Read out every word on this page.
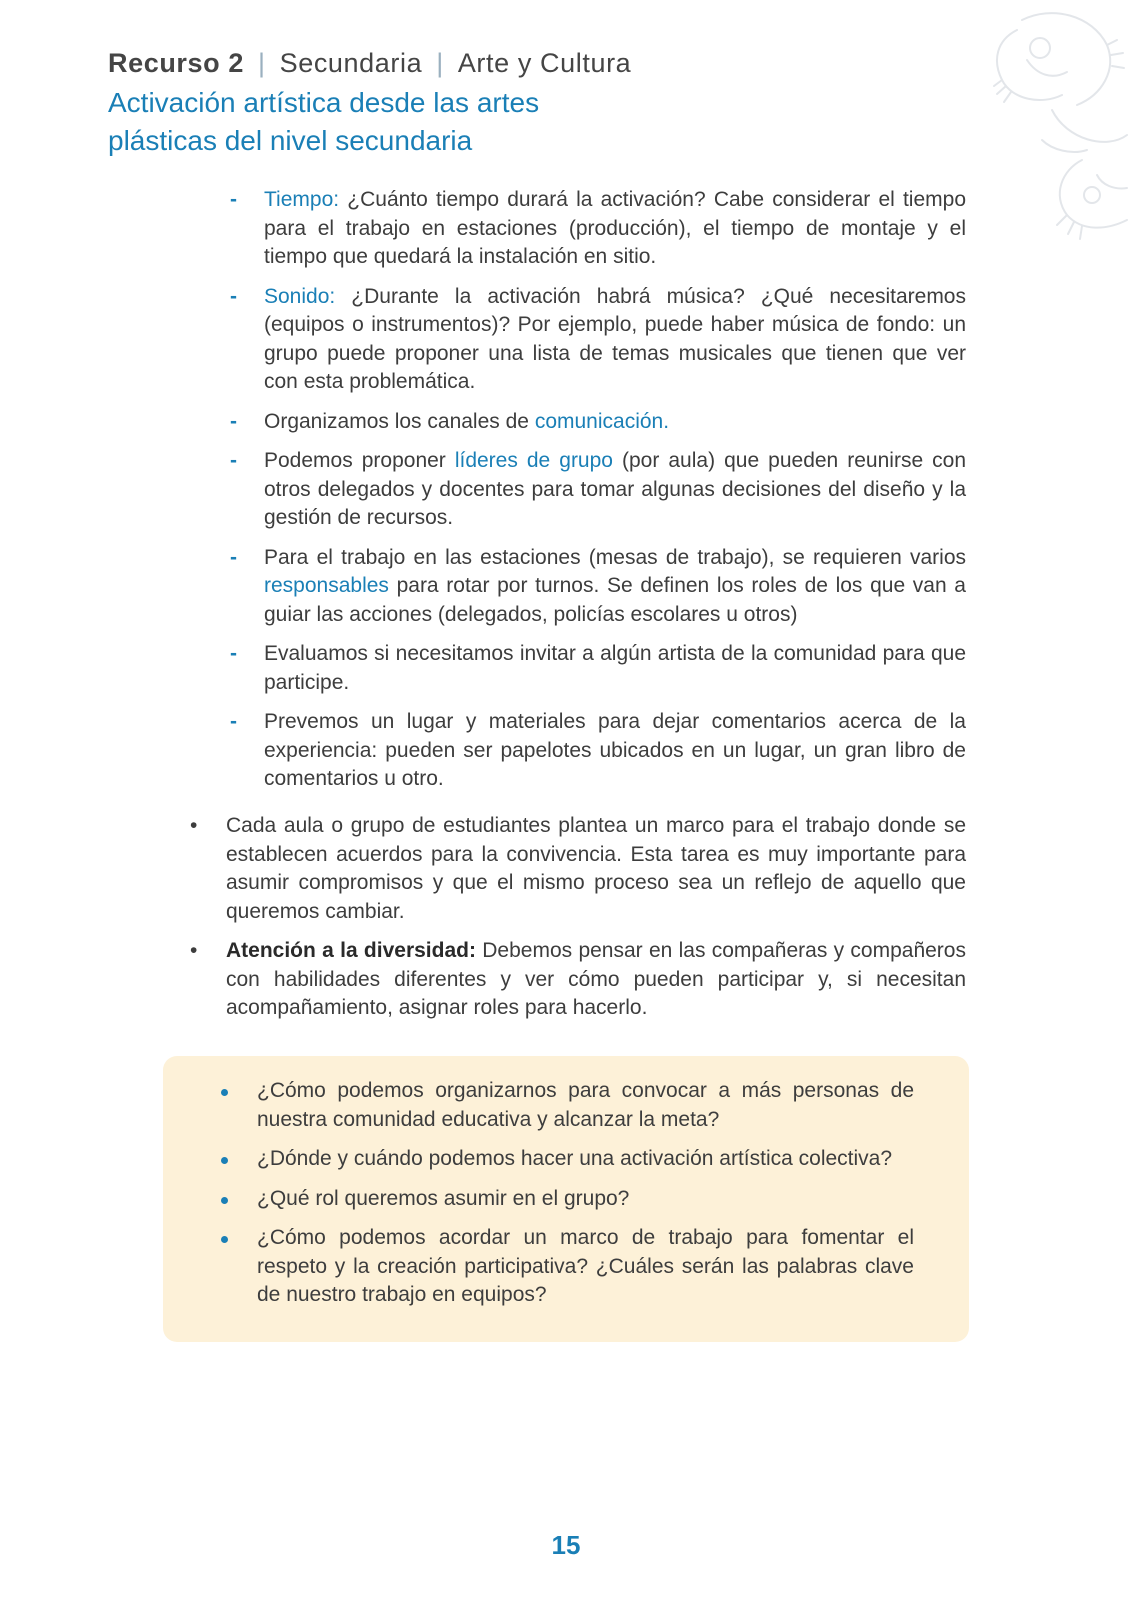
Recurso 2 | Secundaria | Arte y Cultura
Activación artística desde las artes
plásticas del nivel secundaria
- Tiempo: ¿Cuánto tiempo durará la activación? Cabe considerar el tiempo para el trabajo en estaciones (producción), el tiempo de montaje y el tiempo que quedará la instalación en sitio.
- Sonido: ¿Durante la activación habrá música? ¿Qué necesitaremos (equipos o instrumentos)? Por ejemplo, puede haber música de fondo: un grupo puede proponer una lista de temas musicales que tienen que ver con esta problemática.
- Organizamos los canales de comunicación.
- Podemos proponer líderes de grupo (por aula) que pueden reunirse con otros delegados y docentes para tomar algunas decisiones del diseño y la gestión de recursos.
- Para el trabajo en las estaciones (mesas de trabajo), se requieren varios responsables para rotar por turnos. Se definen los roles de los que van a guiar las acciones (delegados, policías escolares u otros)
- Evaluamos si necesitamos invitar a algún artista de la comunidad para que participe.
- Prevemos un lugar y materiales para dejar comentarios acerca de la experiencia: pueden ser papelotes ubicados en un lugar, un gran libro de comentarios u otro.
• Cada aula o grupo de estudiantes plantea un marco para el trabajo donde se establecen acuerdos para la convivencia. Esta tarea es muy importante para asumir compromisos y que el mismo proceso sea un reflejo de aquello que queremos cambiar.
• Atención a la diversidad: Debemos pensar en las compañeras y compañeros con habilidades diferentes y ver cómo pueden participar y, si necesitan acompañamiento, asignar roles para hacerlo.
¿Cómo podemos organizarnos para convocar a más personas de nuestra comunidad educativa y alcanzar la meta?
¿Dónde y cuándo podemos hacer una activación artística colectiva?
¿Qué rol queremos asumir en el grupo?
¿Cómo podemos acordar un marco de trabajo para fomentar el respeto y la creación participativa? ¿Cuáles serán las palabras clave de nuestro trabajo en equipos?
15
